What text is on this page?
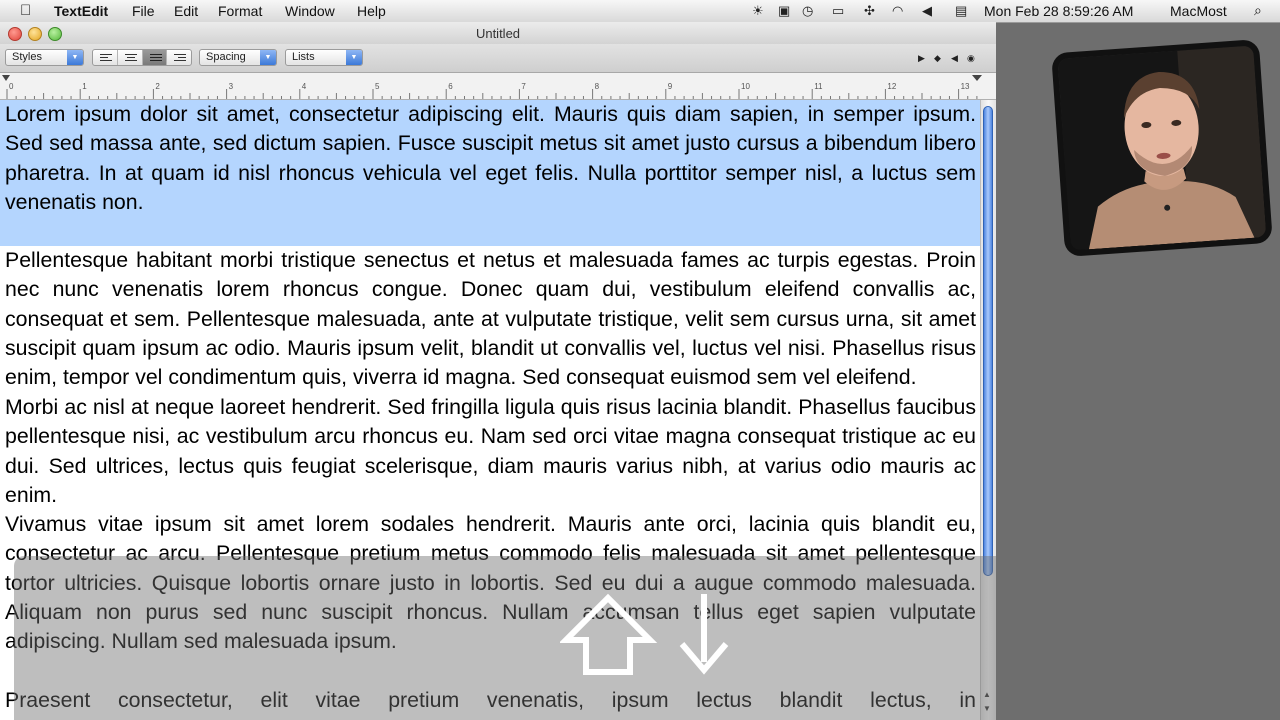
TextEdit File Edit Format Window Help	☀ ▣ ◷ ▭ ✣ ◠ ◀ ▤ Mon Feb 28 8:59:26 AM	MacMost ⌕
Untitled
Styles	▼	Spacing	▼	Lists	▼	▶ ◆ ◀ ◉
0	1	2	3	4	5	6	7	8	9	10	11	12	13

Lorem ipsum dolor sit amet, consectetur adipiscing elit. Mauris quis diam sapien, in semper ipsum. Sed sed massa ante, sed dictum sapien. Fusce suscipit metus sit amet justo cursus a bibendum libero pharetra. In at quam id nisl rhoncus vehicula vel eget felis. Nulla porttitor semper nisl, a luctus sem venenatis non.

Pellentesque habitant morbi tristique senectus et netus et malesuada fames ac turpis egestas. Proin nec nunc venenatis lorem rhoncus congue. Donec quam dui, vestibulum eleifend convallis ac, consequat et sem. Pellentesque malesuada, ante at vulputate tristique, velit sem cursus urna, sit amet suscipit quam ipsum ac odio. Mauris ipsum velit, blandit ut convallis vel, luctus vel nisi. Phasellus risus enim, tempor vel condimentum quis, viverra id magna. Sed consequat euismod sem vel eleifend.

Morbi ac nisl at neque laoreet hendrerit. Sed fringilla ligula quis risus lacinia blandit. Phasellus faucibus pellentesque nisi, ac vestibulum arcu rhoncus eu. Nam sed orci vitae magna consequat tristique ac eu dui. Sed ultrices, lectus quis feugiat scelerisque, diam mauris varius nibh, at varius odio mauris ac enim.

Vivamus vitae ipsum sit amet lorem sodales hendrerit. Mauris ante orci, lacinia quis blandit eu, consectetur ac arcu. Pellentesque pretium metus commodo felis malesuada sit amet pellentesque tortor ultricies. Quisque lobortis ornare justo in lobortis. Sed eu dui a augue commodo malesuada. Aliquam non purus sed nunc suscipit rhoncus. Nullam accumsan tellus eget sapien vulputate adipiscing. Nullam sed malesuada ipsum.

Praesent consectetur, elit vitae pretium venenatis, ipsum lectus blandit lectus, in ▲
▼
